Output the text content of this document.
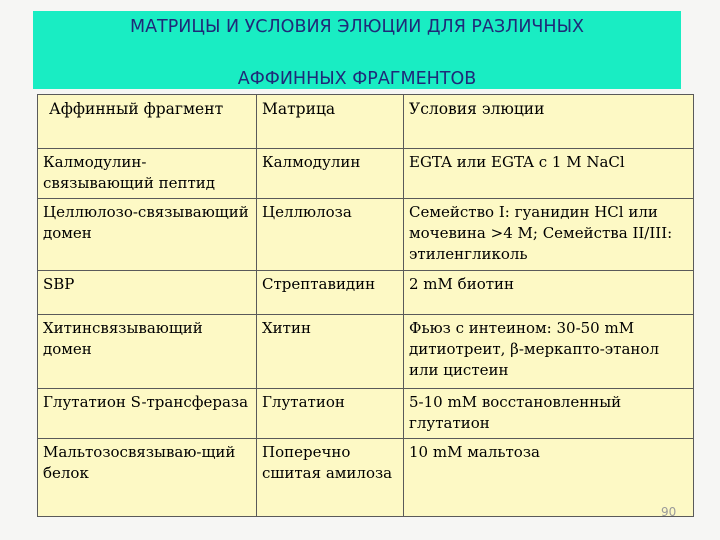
МАТРИЦЫ И УСЛОВИЯ ЭЛЮЦИИ ДЛЯ РАЗЛИЧНЫХ
АФФИННЫХ ФРАГМЕНТОВ
Аффинный фрагмент	Матрица	Условия элюции
Калмодулин-связывающий пептид	Калмодулин	EGTA или EGTA с 1 M NaCl
Целлюлозо-связывающий домен	Целлюлоза	Семейство I: гуанидин HCl или мочевина >4 M; Семейства II/III: этиленгликоль
SBP	Стрептавидин	2 mM биотин
Хитинсвязывающий домен	Хитин	Фьюз с интеином: 30-50 mM дитиотреит, β-меркапто-этанол или цистеин
Глутатион S-трансфераза	Глутатион	5-10 mM восстановленный глутатион
Мальтозосвязываю-щий белок	Поперечно сшитая амилоза	10 mM мальтоза
90
